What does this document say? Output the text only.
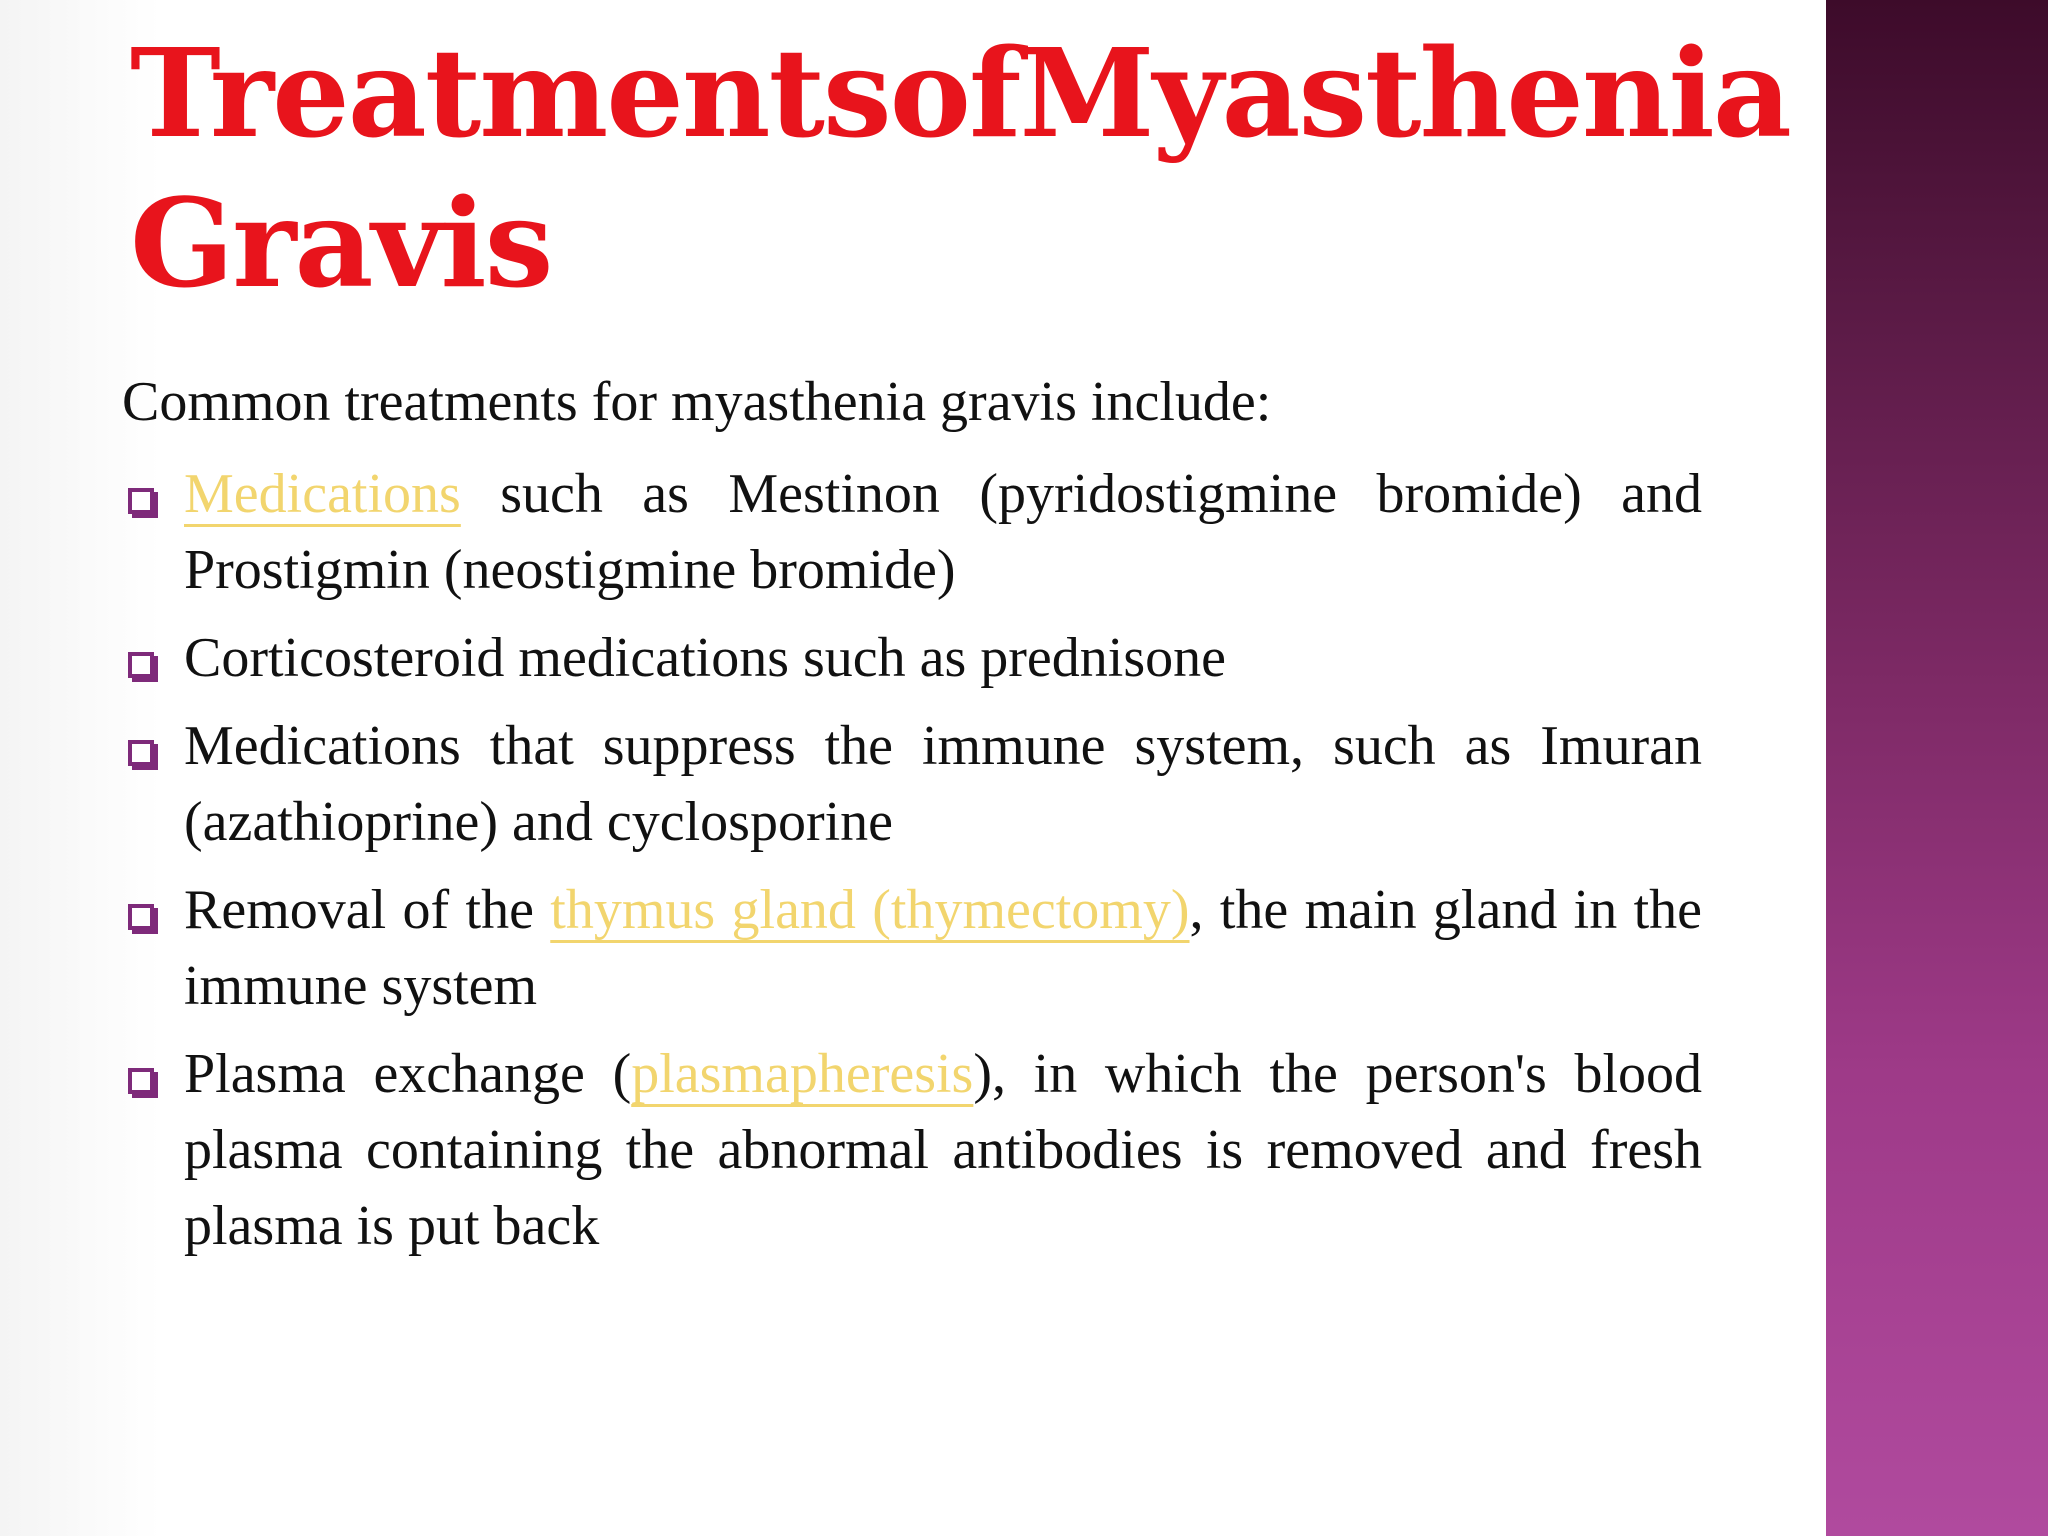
Treatments of Myasthenia
Gravis

Common treatments for myasthenia gravis include:

Medications such as Mestinon (pyridostigmine bromide) and Prostigmin (neostigmine bromide)
Corticosteroid medications such as prednisone
Medications that suppress the immune system, such as Imuran (azathioprine) and cyclosporine
Removal of the thymus gland (thymectomy), the main gland in the immune system
Plasma exchange (plasmapheresis), in which the person's blood plasma containing the abnormal antibodies is removed and fresh plasma is put back
